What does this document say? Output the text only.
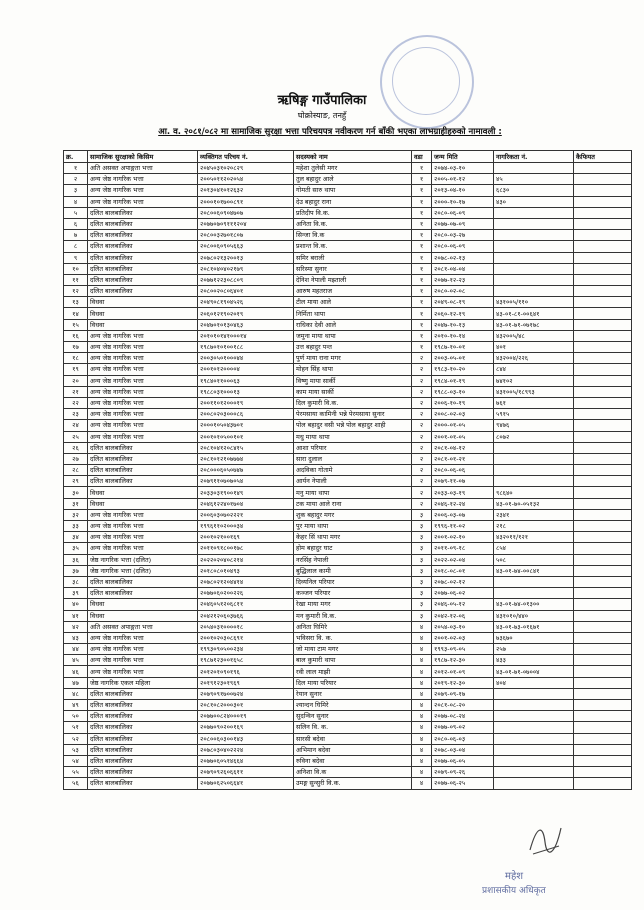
ऋषिङ्ग गाउँपालिका
घोक्रोस्याङ, तनहुँ
आ. व. २०८१/०८२ मा सामाजिक सुरक्षा भत्ता परिचयपत्र नवीकरण गर्न बाँकी भएका लाभग्राहीहरुको नामावली :
क्र.	सामाजिक सुरक्षाको किसिम	व्यक्तिगत परिचय नं.	सदस्यको नाम	वडा	जन्म मिति	नागरिकता नं.	कैफियत
१	अति असक्त अपाङ्गता भत्ता	२०४५०३१०२०८२९	महेशा तुलेसी मगर	१	२०७४-०३-१०		
२	अन्य जेष्ठ नागरिक भत्ता	२००५०११२०२०५४	तुल बहादुर आले	१	२००५-०१-१२	४५	
३	अन्य जेष्ठ नागरिक भत्ता	२०१३०४१०१२६३२	गोमती सारु थापा	१	२०१३-०४-१०	६८३०	
४	अन्य जेष्ठ नागरिक भत्ता	२०००१०१७००८९१	देउ बहादुर राना	१	२०००-१०-१७	४३०	
५	दलित बालबालिका	२०८००६०९०४७०७	प्रतिदीप वि.क.	१	२०८०-०६-०९		
६	दलित बालबालिका	२०७७०७०९१११२०४	अनिता वि.क.	१	२०७७-०७-०९		
७	दलित बालबालिका	२०८००३२७०१८०७	सिन्जा वि.क	१	२०८०-०३-२७		
८	दलित बालबालिका	२०८००६०९०५६६३	प्रशान्त वि.क.	१	२०८०-०६-०९		
९	दलित बालबालिका	२०७८०२१३२००१३	समिर बराली	१	२०७८-०२-१३		
१०	दलित बालबालिका	२०८१०४०४०२१७९	सरिस्मा सुनार	१	२०८१-०४-०४		
११	दलित बालबालिका	२०७७१२२३०८८०९	देनिश नेपाली मझ्ताली	१	२०७७-१२-२३		
१२	दलित बालबालिका	२०८००२०८०६४०१	आरुष महतराज	१	२०८०-०२-०८		
१३	विधवा	२०४९०८१९०४५२६	टील माया आले	१	२०४९-०८-१९	४३१००५/११०	
१४	विधवा	२०६०१२१९०२०१९	निर्मिता थापा	१	२०६०-१२-१९	४३-०१-८१-००६४१	
१५	विधवा	२०४७०१०१३०४६३	राधिका देवी आले	१	२०४७-१०-१३	४३-०१-७१-०७१७८	
१६	अन्य जेष्ठ नागरिक भत्ता	२०१०१०१४१०००१४	जमुना माया थापा	१	२०१०-१०-१४	४३२००५/४८	
१७	अन्य जेष्ठ नागरिक भत्ता	१९८७०१०१००१८८	उत्त बहादुर पन्त	१	१९८७-१०-०१	४०१	
१८	अन्य जेष्ठ नागरिक भत्ता	२००३०५०१०००४४	पुर्ण माया राना मगर	२	२००३-०५-०१	४३२००४/२२६	
१९	अन्य जेष्ठ नागरिक भत्ता	२००१०१२००००४	मोहन सिंह थापा	२	१९८३-१०-२०	८४४	
२०	अन्य जेष्ठ नागरिक भत्ता	१९८४०११०००६३	विष्णु माया सार्की	२	१९८४-०१-१९	७४१०२	
२१	अन्य जेष्ठ नागरिक भत्ता	१९८८०३१०००१३	काम माया सार्की	२	१९८८-०३-१०	४३१००५/१८९९३	
२२	अन्य जेष्ठ नागरिक भत्ता	२००११०१२०००१९	दिल कुमारी वि.क.	२	२००६-१०-१९	७६१	
२३	अन्य जेष्ठ नागरिक भत्ता	२००८०२०३०००८६	पेरमसाया कामिनी भन्ने पेरमसाया सुनार	२	२००८-०२-०३	५९१५	
२४	अन्य जेष्ठ नागरिक भत्ता	२०००१०५०४३७०१	पोल बहादुर वसी भन्ने पोल बहादुर शाही	२	२०००-०१-०५	९४७६	
२५	अन्य जेष्ठ नागरिक भत्ता	२००१०१०५००१०१	मधु माया थापा	२	२००१-०१-०५	८०७२	
२६	दलित बालबालिका	२०८१०४१२०८४१५	आशा परियार	२	२०८१-०४-१२		
२७	दलित बालबालिका	२०८१०१२१०७७७४	सारा दुलाल	२	२०८१-०१-२१		
२८	दलित बालबालिका	२०८०००६०५०७४७	अदविका गोतामे	२	२०८०-०६-०६		
२९	दलित बालबालिका	२०७९११०७०७०५४	आर्यन नेपाली	२	२०७९-११-०७		
३०	विधवा	२०३३०३१९००१४९	मनु माया थापा	२	२०३३-०३-१९	९८६४०	
३१	विधवा	२०४६१२२४०१७०४	टक माया आले राना	२	२०४६-१२-२४	४३-०१-७०-०५१३२	
३२	अन्य जेष्ठ नागरिक भत्ता	२००६०३०७०२२२१	शुक बहादुर मगर	३	२००६-०३-०७	२३४१	
३३	अन्य जेष्ठ नागरिक भत्ता	१९९६११०२०००३४	पुर माया थापा	३	१९९६-११-०२	२१८	
३४	अन्य जेष्ठ नागरिक भत्ता	२००१०२१००१६९	केहर सिं थापा मगर	३	२००१-०२-१०	४३२०११/१२१	
३५	अन्य जेष्ठ नागरिक भत्ता	२०११०९१८००१७८	होम बहादुर घाट	३	२०११-०९-१८	८५४	
३६	जेष्ठ नागरिक भत्ता (दलित)	२०२२०२०४०८२१४	नरसिंह नेपाली	३	२०२२-०२-०४	५०८	
३७	जेष्ठ नागरिक भत्ता (दलित)	२०१८०८०१०४९३	बुद्धिलाल कामी	३	२०१८-०८-०१	४३-०१-७४-००८४१	
३८	दलित बालबालिका	२०७८०२१२०४४१४	दिव्यनिल परियार	३	२०७८-०२-१२		
३९	दलित बालबालिका	२०७७०६०२००२२६	कञ्जन परियार	३	२०७७-०६-०२		
४०	विधवा	२०४६०५१२०६८११	रेखा माया मगर	३	२०४६-०५-१२	४३-०१-७४-०१३००	
४१	विधवा	२०४२१२०६०३७६६	मन कुमारी वि.क.	३	२०४२-१२-०६	४३१०१०/४४०	
४२	अति असक्त अपाङ्गता भत्ता	२०५४०३१००००१८	अनिता घिमिरे	४	२०५४-०३-१०	४३-०१-७३-०१६७१	
४३	अन्य जेष्ठ नागरिक भत्ता	२००१०२०३०८६९१	भविसरा वि. क.	४	२००१-०२-०३	७३६७०	
४४	अन्य जेष्ठ नागरिक भत्ता	१९९३०९०५००२३४	जो माया टाम मगर	४	१९९३-०९-०५	२५७	
४५	अन्य जेष्ठ नागरिक भत्ता	१९८७१२३००१६५८	बाल कुमारी थापा	४	१९८७-१२-३०	४३३	
४६	अन्य जेष्ठ नागरिक भत्ता	२०१२०१०९०१९६	रवी लाल माझी	४	२०१२-०१-०९	४३-०१-७१-०७००४	
४७	जेष्ठ नागरिक एकल महिला	२०१९१२३०१९६९	दिल माया परियार	४	२०१९-१२-३०	४०४	
४८	दलित बालबालिका	२०७९०९१७००७२४	रेयान सुनार	४	२०७९-०९-१७		
४९	दलित बालबालिका	२०८१०८२०००३०१	श्यान्दन घिमिरे	४	२०८१-०८-२०		
५०	दलित बालबालिका	२०७७००८२४०००१९	सुदन्विन सुनार	४	२०७७-०८-२४		
५१	दलित बालबालिका	२०७७०९०२००१६९	सलिन वि. क.	४	२०७७-०९-०२		
५२	दलित बालबालिका	२०८००६०३००१४३	सारसी बदेवा	४	२०८०-०६-०३		
५३	दलित बालबालिका	२०७८०३०४०२२२४	अभिमान बदेवा	४	२०७८-०३-०४		
५४	दलित बालबालिका	२०७७०६०५१४६६४	रुविना बदेवा	४	२०७७-०६-०५		
५५	दलित बालबालिका	२०७९०९२६०६६११	अनिशा वि.क	४	२०७९-०९-२६		
५६	दलित बालबालिका	२०७७०६२५०६६४१	उमङ्ग सुन्सुरी वि.क.	४	२०७७-०६-२५		
महेश
प्रशासकीय अधिकृत
